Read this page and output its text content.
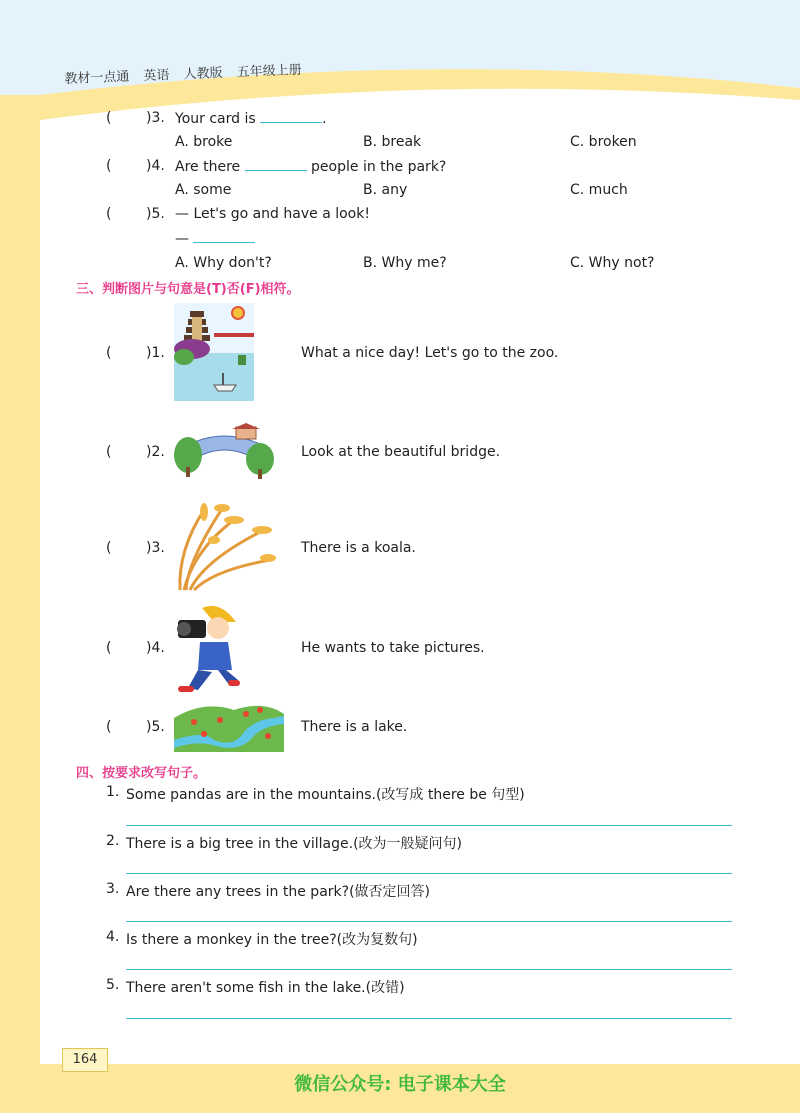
教材一点通 英语 人教版 五年级上册
( )3. Your card is	.
A. broke	B. break	C. broken
( )4. Are there	people in the park?
A. some	B. any	C. much
( )5. — Let's go and have a look!
—
A. Why don't?	B. Why me?	C. Why not?
三、判断图片与句意是(T)否(F)相符。
( )1.	What a nice day! Let's go to the zoo.
( )2.	Look at the beautiful bridge.
( )3.	There is a koala.
( )4.	He wants to take pictures.
( )5.	There is a lake.
四、按要求改写句子。
1. Some pandas are in the mountains.(改写成 there be 句型)
2. There is a big tree in the village.(改为一般疑问句)
3. Are there any trees in the park?(做否定回答)
4. Is there a monkey in the tree?(改为复数句)
5. There aren't some fish in the lake.(改错)
164
微信公众号: 电子课本大全
